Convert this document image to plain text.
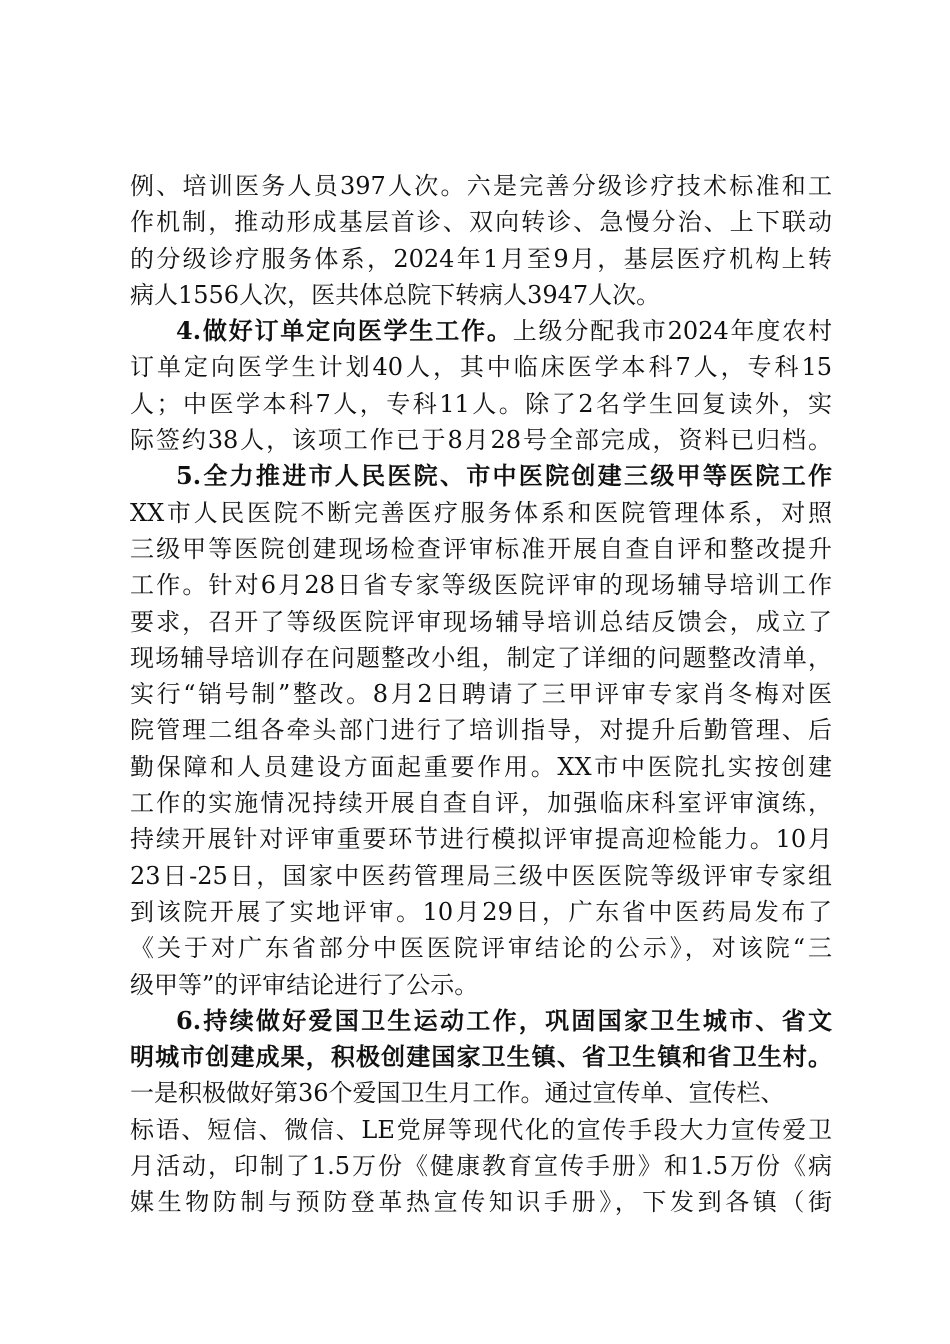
例、培训医务人员397人次。六是完善分级诊疗技术标准和工
作机制，推动形成基层首诊、双向转诊、急慢分治、上下联动
的分级诊疗服务体系，2024年1月至9月，基层医疗机构上转
病人1556人次，医共体总院下转病人3947人次。
4.做好订单定向医学生工作。上级分配我市2024年度农村
订单定向医学生计划40人，其中临床医学本科7人，专科15
人；中医学本科7人，专科11人。除了2名学生回复读外，实
际签约38人，该项工作已于8月28号全部完成，资料已归档。
5.全力推进市人民医院、市中医院创建三级甲等医院工作
XX市人民医院不断完善医疗服务体系和医院管理体系，对照
三级甲等医院创建现场检查评审标准开展自查自评和整改提升
工作。针对6月28日省专家等级医院评审的现场辅导培训工作
要求，召开了等级医院评审现场辅导培训总结反馈会，成立了
现场辅导培训存在问题整改小组，制定了详细的问题整改清单，
实行“销号制”整改。8月2日聘请了三甲评审专家肖冬梅对医
院管理二组各牵头部门进行了培训指导，对提升后勤管理、后
勤保障和人员建设方面起重要作用。XX市中医院扎实按创建
工作的实施情况持续开展自查自评，加强临床科室评审演练，
持续开展针对评审重要环节进行模拟评审提高迎检能力。10月
23日-25日，国家中医药管理局三级中医医院等级评审专家组
到该院开展了实地评审。10月29日，广东省中医药局发布了
《关于对广东省部分中医医院评审结论的公示》，对该院“三
级甲等”的评审结论进行了公示。
6.持续做好爱国卫生运动工作，巩固国家卫生城市、省文
明城市创建成果，积极创建国家卫生镇、省卫生镇和省卫生村。
一是积极做好第36个爱国卫生月工作。通过宣传单、宣传栏、
标语、短信、微信、LE党屏等现代化的宣传手段大力宣传爱卫
月活动，印制了1.5万份《健康教育宣传手册》和1.5万份《病
媒生物防制与预防登革热宣传知识手册》，下发到各镇（街
